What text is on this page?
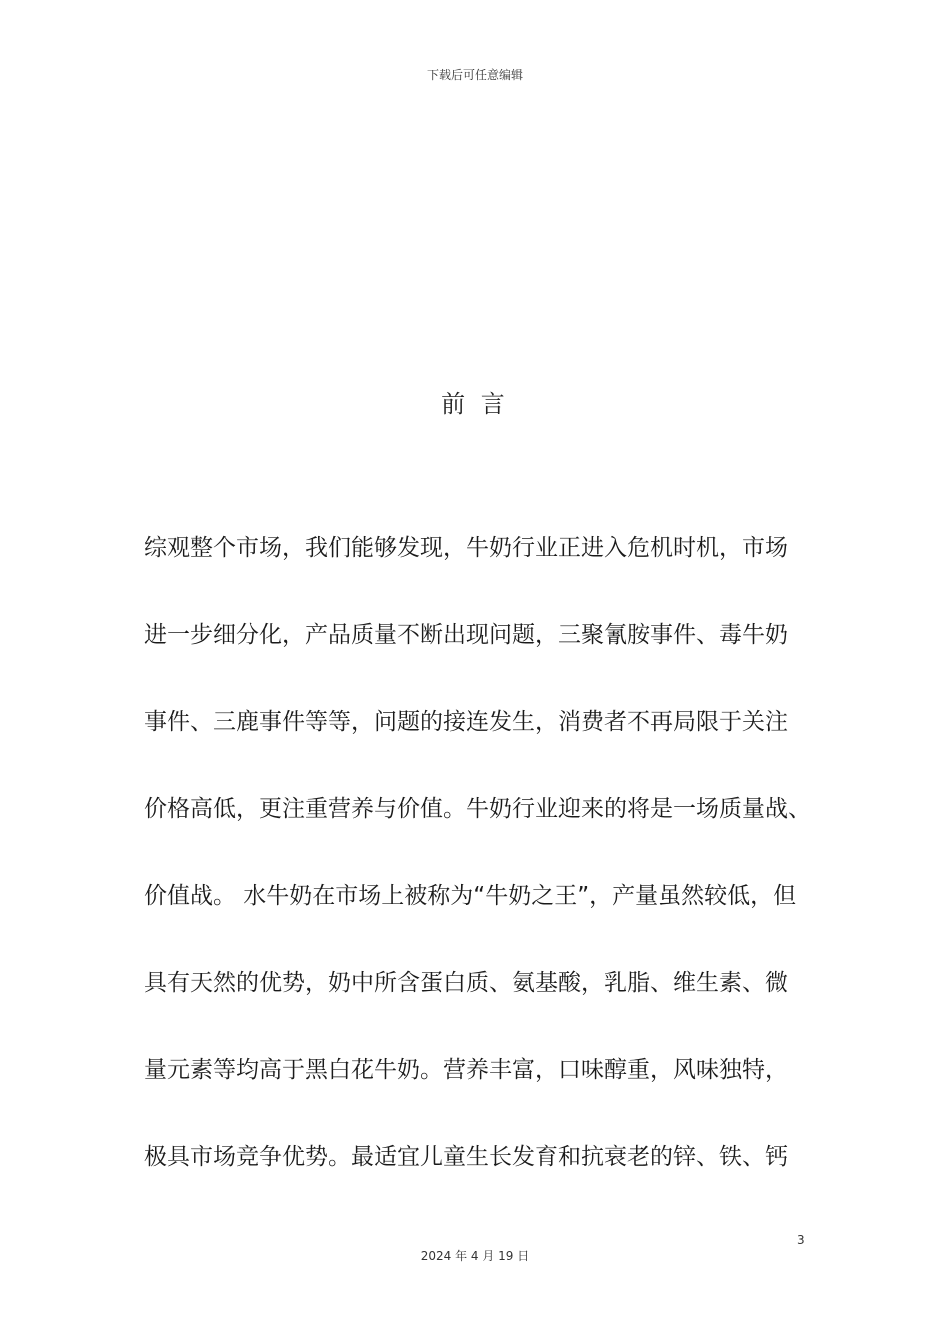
下载后可任意编辑
前 言
综观整个市场，我们能够发现，牛奶行业正进入危机时机，市场
进一步细分化，产品质量不断出现问题，三聚氰胺事件、毒牛奶
事件、三鹿事件等等，问题的接连发生，消费者不再局限于关注
价格高低，更注重营养与价值。牛奶行业迎来的将是一场质量战、
价值战。 水牛奶在市场上被称为“牛奶之王”，产量虽然较低，但
具有天然的优势，奶中所含蛋白质、氨基酸，乳脂、维生素、微
量元素等均高于黑白花牛奶。营养丰富，口味醇重，风味独特，
极具市场竞争优势。最适宜儿童生长发育和抗衰老的锌、铁、钙
3
2024 年 4 月 19 日
